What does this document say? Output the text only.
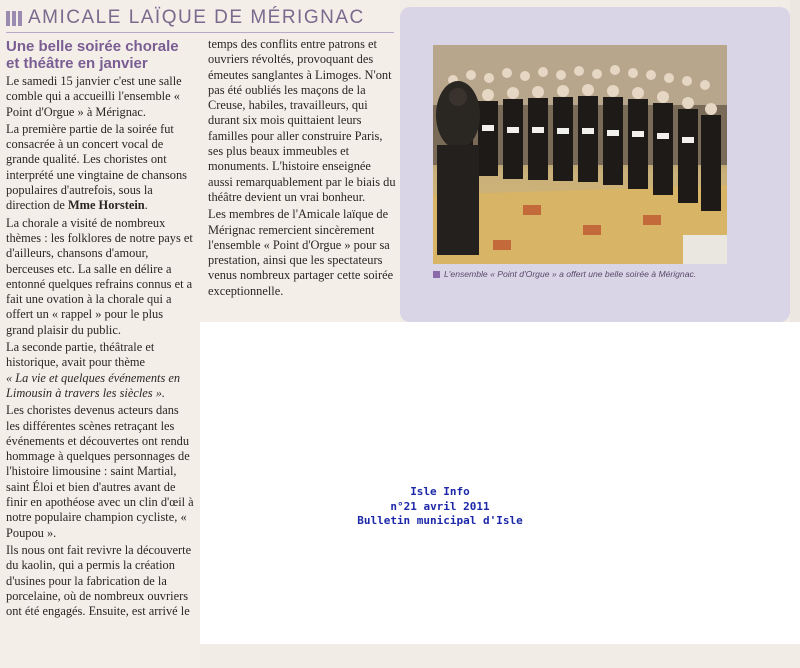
AMICALE LAÏQUE DE MÉRIGNAC
Une belle soirée chorale et théâtre en janvier

Le samedi 15 janvier c'est une salle comble qui a accueilli l'ensemble « Point d'Orgue » à Mérignac.

La première partie de la soirée fut consacrée à un concert vocal de grande qualité. Les choristes ont interprété une vingtaine de chansons populaires d'autrefois, sous la direction de Mme Horstein.

La chorale a visité de nombreux thèmes : les folklores de notre pays et d'ailleurs, chansons d'amour, berceuses etc. La salle en délire a entonné quelques refrains connus et a fait une ovation à la chorale qui a offert un « rappel » pour le plus grand plaisir du public.

La seconde partie, théâtrale et historique, avait pour thème
« La vie et quelques événements en Limousin à travers les siècles ».

Les choristes devenus acteurs dans les différentes scènes retraçant les événements et découvertes ont rendu hommage à quelques personnages de l'histoire limousine : saint Martial, saint Éloi et bien d'autres avant de finir en apothéose avec un clin d'œil à notre populaire champion cycliste, « Poupou ».

Ils nous ont fait revivre la découverte du kaolin, qui a permis la création d'usines pour la fabrication de la porcelaine, où de nombreux ouvriers ont été engagés. Ensuite, est arrivé le

temps des conflits entre patrons et ouvriers révoltés, provoquant des émeutes sanglantes à Limoges. N'ont pas été oubliés les maçons de la Creuse, habiles, travailleurs, qui durant six mois quittaient leurs familles pour aller construire Paris, ses plus beaux immeubles et monuments. L'histoire enseignée aussi remarquablement par le biais du théâtre devient un vrai bonheur.

Les membres de l'Amicale laïque de Mérignac remercient sincèrement l'ensemble « Point d'Orgue » pour sa prestation, ainsi que les spectateurs venus nombreux partager cette soirée exceptionnelle.

L'ensemble « Point d'Orgue » a offert une belle soirée à Mérignac.
Isle Info
n°21 avril 2011
Bulletin municipal d'Isle
